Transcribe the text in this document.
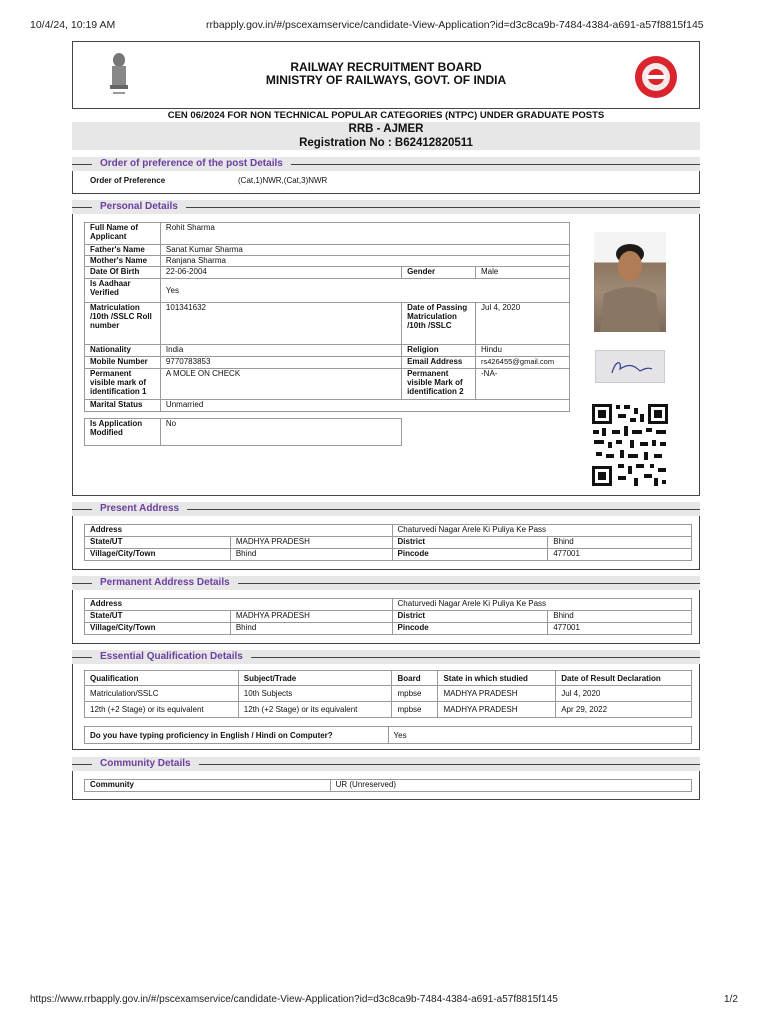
10/4/24, 10:19 AM	rrbapply.gov.in/#/pscexamservice/candidate-View-Application?id=d3c8ca9b-7484-4384-a691-a57f8815f145
https://www.rrbapply.gov.in/#/pscexamservice/candidate-View-Application?id=d3c8ca9b-7484-4384-a691-a57f8815f145	1/2
RAILWAY RECRUITMENT BOARD
MINISTRY OF RAILWAYS, GOVT. OF INDIA
CEN 06/2024 FOR NON TECHNICAL POPULAR CATEGORIES (NTPC) UNDER GRADUATE POSTS
RRB - AJMER
Registration No : B62412820511
Order of preference of the post Details
Order of Preference	(Cat,1)NWR,(Cat,3)NWR
Personal Details
Full Name of Applicant	Rohit Sharma		
Father's Name	Sanat Kumar Sharma		
Mother's Name	Ranjana Sharma		
Date Of Birth	22-06-2004	Gender	Male
Is Aadhaar Verified	Yes		
Matriculation /10th /SSLC Roll number	101341632	Date of Passing Matriculation /10th /SSLC	Jul 4, 2020
Nationality	India	Religion	Hindu
Mobile Number	9770783853	Email Address	rs426455@gmail.com
Permanent visible mark of identification 1	A MOLE ON CHECK	Permanent visible Mark of identification 2	-NA-
Marital Status	Unmarried		
Is Application Modified	No
Present Address
Address		Chaturvedi Nagar Arele Ki Puliya Ke Pass	
State/UT	MADHYA PRADESH	District	Bhind
Village/City/Town	Bhind	Pincode	477001
Permanent Address Details
Address		Chaturvedi Nagar Arele Ki Puliya Ke Pass	
State/UT	MADHYA PRADESH	District	Bhind
Village/City/Town	Bhind	Pincode	477001
Essential Qualification Details
Qualification	Subject/Trade	Board	State in which studied	Date of Result Declaration
Matriculation/SSLC	10th Subjects	mpbse	MADHYA PRADESH	Jul 4, 2020
12th (+2 Stage) or its equivalent	12th (+2 Stage) or its equivalent	mpbse	MADHYA PRADESH	Apr 29, 2022
Do you have typing proficiency in English / Hindi on Computer?	Yes
Community Details
Community	UR (Unreserved)
